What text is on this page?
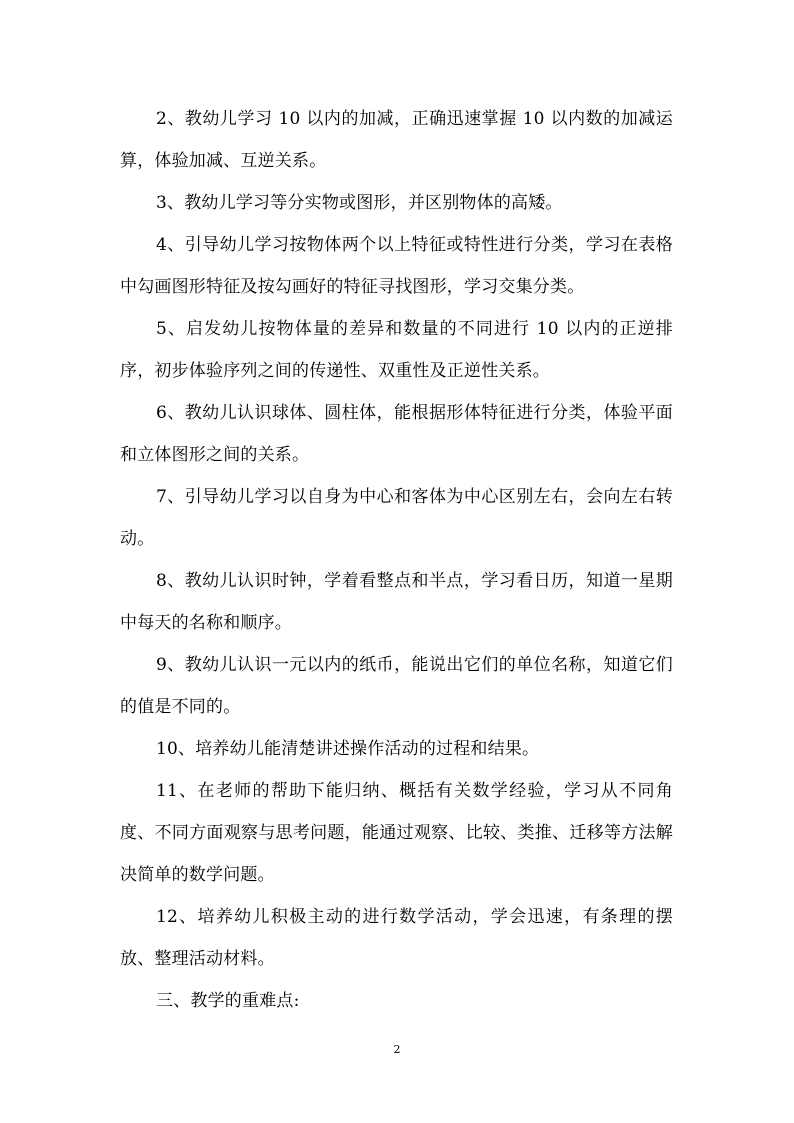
2、教幼儿学习 10 以内的加减，正确迅速掌握 10 以内数的加减运算，体验加减、互逆关系。

3、教幼儿学习等分实物或图形，并区别物体的高矮。

4、引导幼儿学习按物体两个以上特征或特性进行分类，学习在表格中勾画图形特征及按勾画好的特征寻找图形，学习交集分类。

5、启发幼儿按物体量的差异和数量的不同进行 10 以内的正逆排序，初步体验序列之间的传递性、双重性及正逆性关系。

6、教幼儿认识球体、圆柱体，能根据形体特征进行分类，体验平面和立体图形之间的关系。

7、引导幼儿学习以自身为中心和客体为中心区别左右，会向左右转动。

8、教幼儿认识时钟，学着看整点和半点，学习看日历，知道一星期中每天的名称和顺序。

9、教幼儿认识一元以内的纸币，能说出它们的单位名称，知道它们的值是不同的。

10、培养幼儿能清楚讲述操作活动的过程和结果。

11、在老师的帮助下能归纳、概括有关数学经验，学习从不同角度、不同方面观察与思考问题，能通过观察、比较、类推、迁移等方法解决简单的数学问题。

12、培养幼儿积极主动的进行数学活动，学会迅速，有条理的摆放、整理活动材料。

三、教学的重难点:

2
